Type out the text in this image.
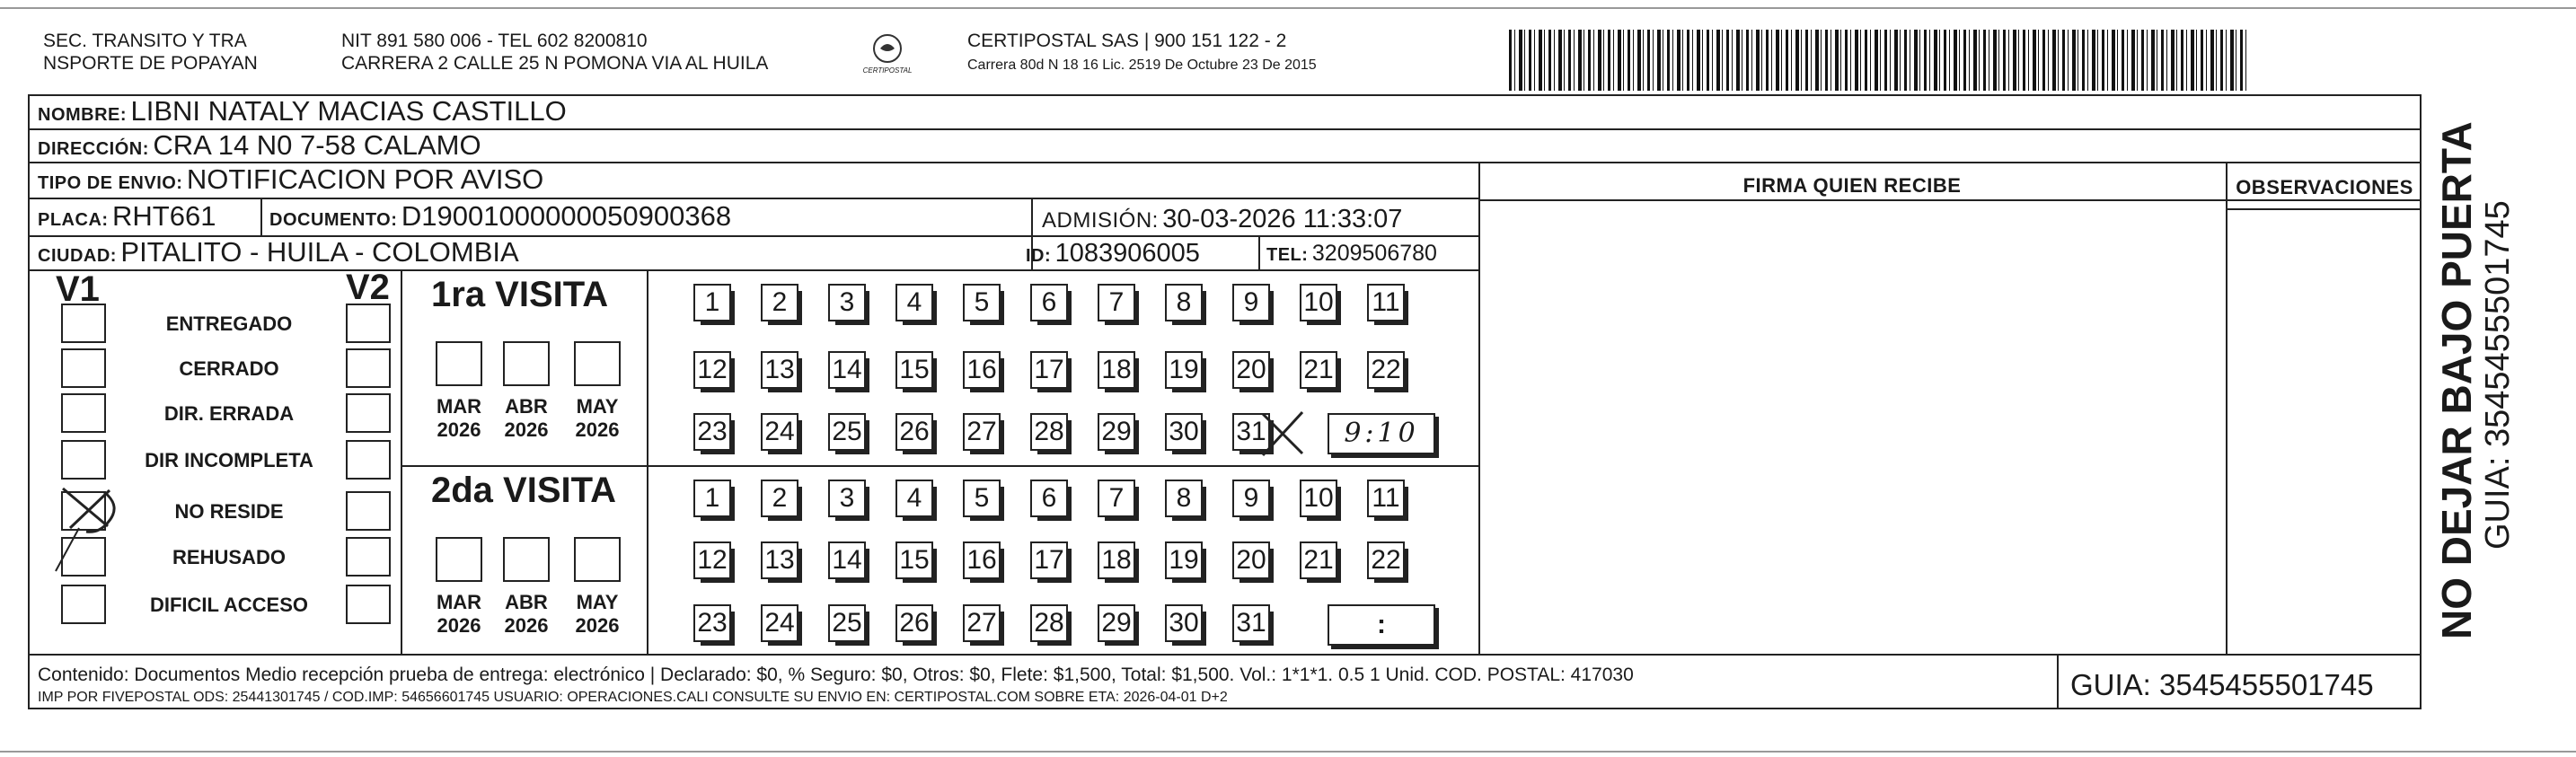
SEC. TRANSITO Y TRA
NSPORTE DE POPAYAN
NIT 891 580 006 - TEL 602 8200810
CARRERA 2 CALLE 25 N POMONA VIA AL HUILA	CERTIPOSTAL
CERTIPOSTAL SAS | 900 151 122 - 2
Carrera 80d N 18 16 Lic. 2519 De Octubre 23 De 2015
NOMBRE: LIBNI NATALY MACIAS CASTILLO
DIRECCIÓN: CRA 14 N0 7-58 CALAMO
TIPO DE ENVIO: NOTIFICACION POR AVISO
PLACA: RHT661	DOCUMENTO: D19001000000050900368	ADMISIÓN: 30-03-2026 11:33:07
CIUDAD: PITALITO - HUILA - COLOMBIA	ID: 1083906005	TEL: 3209506780
FIRMA QUIEN RECIBE	OBSERVACIONES
V1	V2
ENTREGADO
CERRADO
DIR. ERRADA
DIR INCOMPLETA
NO RESIDE
REHUSADO
DIFICIL ACCESO
1ra VISITA
2da VISITA
MAR
2026
ABR
2026
MAY
2026
MAR
2026
ABR
2026
MAY
2026
1	2	3	4	5	6	7	8	9	10 11
12 13 14 15 16 17 18 19 20 21 22
23 24 25 26 27 28 29 30 31
1	2	3	4	5	6	7	8	9	10 11
12 13 14 15 16 17 18 19 20 21 22
23 24 25 26 27 28 29 30 31
9:10
:
Contenido: Documentos Medio recepción prueba de entrega: electrónico | Declarado: $0, % Seguro: $0, Otros: $0, Flete: $1,500, Total: $1,500. Vol.: 1*1*1. 0.5 1 Unid. COD. POSTAL: 417030
IMP POR FIVEPOSTAL ODS: 25441301745 / COD.IMP: 54656601745 USUARIO: OPERACIONES.CALI CONSULTE SU ENVIO EN: CERTIPOSTAL.COM SOBRE ETA: 2026-04-01 D+2	GUIA: 3545455501745
NO DEJAR BAJO PUERTA GUIA: 3545455501745
